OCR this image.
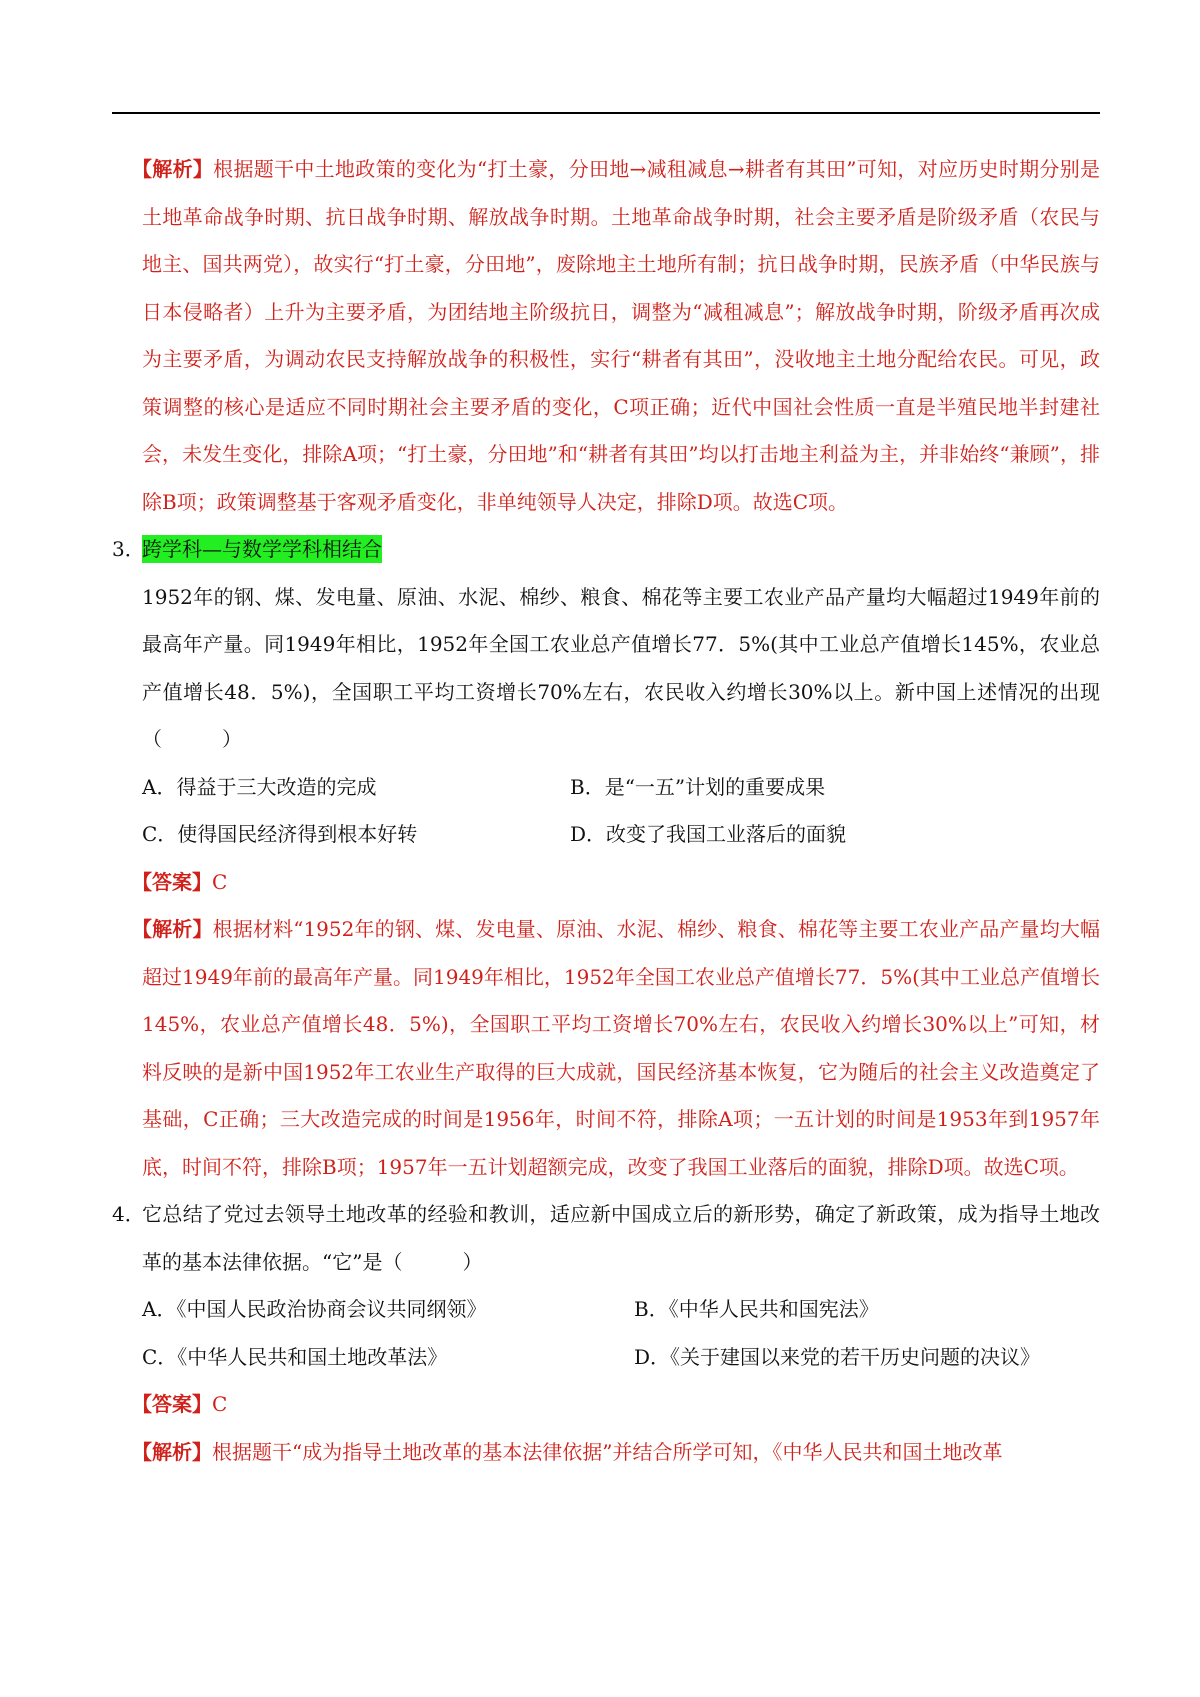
【解析】根据题干中土地政策的变化为“打土豪，分田地→减租减息→耕者有其田”可知，对应历史时期分别是土地革命战争时期、抗日战争时期、解放战争时期。土地革命战争时期，社会主要矛盾是阶级矛盾（农民与地主、国共两党），故实行“打土豪，分田地”，废除地主土地所有制；抗日战争时期，民族矛盾（中华民族与日本侵略者）上升为主要矛盾，为团结地主阶级抗日，调整为“减租减息”；解放战争时期，阶级矛盾再次成为主要矛盾，为调动农民支持解放战争的积极性，实行“耕者有其田”，没收地主土地分配给农民。可见，政策调整的核心是适应不同时期社会主要矛盾的变化，C项正确；近代中国社会性质一直是半殖民地半封建社会，未发生变化，排除A项；“打土豪，分田地”和“耕者有其田”均以打击地主利益为主，并非始终“兼顾”，排除B项；政策调整基于客观矛盾变化，非单纯领导人决定，排除D项。故选C项。

3．
跨学科—与数学学科相结合

1952年的钢、煤、发电量、原油、水泥、棉纱、粮食、棉花等主要工农业产品产量均大幅超过1949年前的最高年产量。同1949年相比，1952年全国工农业总产值增长77．5%(其中工业总产值增长145%，农业总产值增长48．5%)，全国职工平均工资增长70%左右，农民收入约增长30%以上。新中国上述情况的出现（　　　）

A．得益于三大改造的完成	B．是“一五”计划的重要成果
C．使得国民经济得到根本好转	D．改变了我国工业落后的面貌

【答案】C

【解析】根据材料“1952年的钢、煤、发电量、原油、水泥、棉纱、粮食、棉花等主要工农业产品产量均大幅超过1949年前的最高年产量。同1949年相比，1952年全国工农业总产值增长77．5%(其中工业总产值增长145%，农业总产值增长48．5%)，全国职工平均工资增长70%左右，农民收入约增长30%以上”可知，材料反映的是新中国1952年工农业生产取得的巨大成就，国民经济基本恢复，它为随后的社会主义改造奠定了基础，C正确；三大改造完成的时间是1956年，时间不符，排除A项；一五计划的时间是1953年到1957年底，时间不符，排除B项；1957年一五计划超额完成，改变了我国工业落后的面貌，排除D项。故选C项。

4．
它总结了党过去领导土地改革的经验和教训，适应新中国成立后的新形势，确定了新政策，成为指导土地改革的基本法律依据。“它”是（　　　）

A．《中国人民政治协商会议共同纲领》	B．《中华人民共和国宪法》
C．《中华人民共和国土地改革法》	D．《关于建国以来党的若干历史问题的决议》

【答案】C

【解析】根据题干“成为指导土地改革的基本法律依据”并结合所学可知，《中华人民共和国土地改革
